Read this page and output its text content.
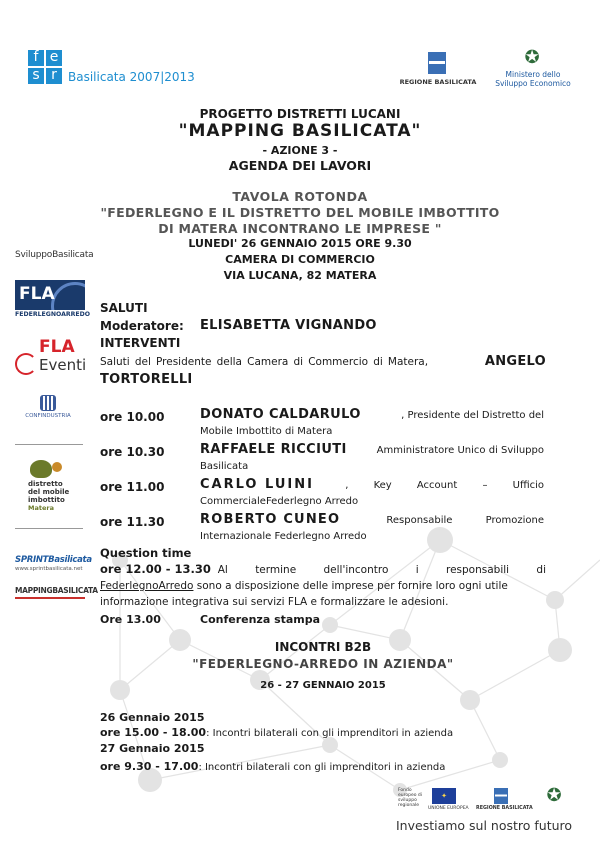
f e
s r Basilicata 2007|2013	REGIONE BASILICATA
✪
Ministero dello
Sviluppo Economico
PROGETTO DISTRETTI LUCANI
"MAPPING BASILICATA"
- AZIONE 3 -
AGENDA DEI LAVORI
TAVOLA ROTONDA
"FEDERLEGNO E IL DISTRETTO DEL MOBILE IMBOTTITO
DI MATERA INCONTRANO LE IMPRESE "
LUNEDI' 26 GENNAIO 2015 ORE 9.30
CAMERA DI COMMERCIO
VIA LUCANA, 82 MATERA
SviluppoBasilicata
FLA
FEDERLEGNOARREDO
FLA
Eventi
CONFINDUSTRIA
distretto
del mobile
imbottito
Matera
SPRINTBasilicata
www.sprintbasilicata.net
MAPPINGBASILICATA
SALUTI
Moderatore: ELISABETTA VIGNANDO
INTERVENTI
Saluti del Presidente della Camera di Commercio di Matera,	ANGELO
TORTORELLI
ore 10.00	DONATO CALDARULO	, Presidente del Distretto del
Mobile Imbottito di Matera
ore 10.30	RAFFAELE RICCIUTI	Amministratore Unico di Sviluppo
Basilicata
ore 11.00	CARLO LUINI	, Key Account – Ufficio
CommercialeFederlegno Arredo
ore 11.30	ROBERTO CUNEO	Responsabile Promozione
Internazionale Federlegno Arredo
Question time
ore 12.00 - 13.30 Al termine dell'incontro i responsabili di
FederlegnoArredo sono a disposizione delle imprese per fornire loro ogni utile
informazione integrativa sui servizi FLA e formalizzare le adesioni.
Ore 13.00	Conferenza stampa
INCONTRI B2B
"FEDERLEGNO-ARREDO IN AZIENDA"
26 - 27 GENNAIO 2015
26 Gennaio 2015
ore 15.00 - 18.00: Incontri bilaterali con gli imprenditori in azienda
27 Gennaio 2015
ore 9.30 - 17.00: Incontri bilaterali con gli imprenditori in azienda
Fondo europeo di sviluppo regionale
✦
UNIONE EUROPEA REGIONE BASILICATA
✪
Investiamo sul nostro futuro
